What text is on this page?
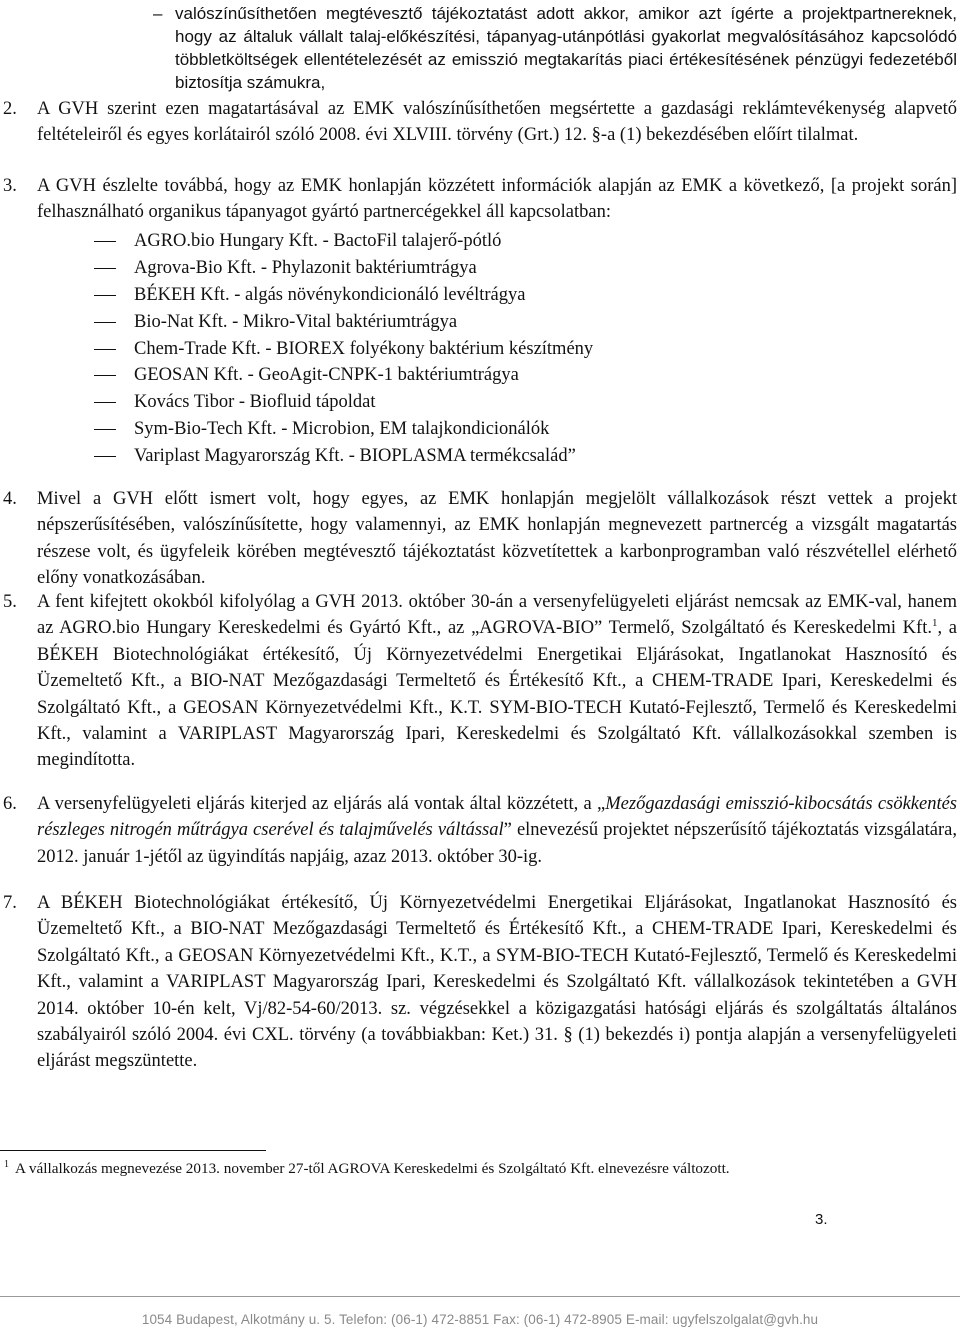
– valószínűsíthetően megtévesztő tájékoztatást adott akkor, amikor azt ígérte a projektpartnereknek, hogy az általuk vállalt talaj-előkészítési, tápanyag-utánpótlási gyakorlat megvalósításához kapcsolódó többletköltségek ellentételezését az emisszió megtakarítás piaci értékesítésének pénzügyi fedezetéből biztosítja számukra,
2. A GVH szerint ezen magatartásával az EMK valószínűsíthetően megsértette a gazdasági reklámtevékenység alapvető feltételeiről és egyes korlátairól szóló 2008. évi XLVIII. törvény (Grt.) 12. §-a (1) bekezdésében előírt tilalmat.

3. A GVH észlelte továbbá, hogy az EMK honlapján közzétett információk alapján az EMK a következő, [a projekt során] felhasználható organikus tápanyagot gyártó partnercégekkel áll kapcsolatban:

AGRO.bio Hungary Kft. - BactoFil talajerő-pótló
Agrova-Bio Kft. - Phylazonit baktériumtrágya
BÉKEH Kft. - algás növénykondicionáló levéltrágya
Bio-Nat Kft. - Mikro-Vital baktériumtrágya
Chem-Trade Kft. - BIOREX folyékony baktérium készítmény
GEOSAN Kft. - GeoAgit-CNPK-1 baktériumtrágya
Kovács Tibor - Biofluid tápoldat
Sym-Bio-Tech Kft. - Microbion, EM talajkondicionálók
Variplast Magyarország Kft. - BIOPLASMA termékcsalád”
4. Mivel a GVH előtt ismert volt, hogy egyes, az EMK honlapján megjelölt vállalkozások részt vettek a projekt népszerűsítésében, valószínűsítette, hogy valamennyi, az EMK honlapján megnevezett partnercég a vizsgált magatartás részese volt, és ügyfeleik körében megtévesztő tájékoztatást közvetítettek a karbonprogramban való részvétellel elérhető előny vonatkozásában.

5. A fent kifejtett okokból kifolyólag a GVH 2013. október 30-án a versenyfelügyeleti eljárást nemcsak az EMK-val, hanem az AGRO.bio Hungary Kereskedelmi és Gyártó Kft., az „AGROVA-BIO” Termelő, Szolgáltató és Kereskedelmi Kft.$^1$, a BÉKEH Biotechnológiákat értékesítő, Új Környezetvédelmi Energetikai Eljárásokat, Ingatlanokat Hasznosító és Üzemeltető Kft., a BIO-NAT Mezőgazdasági Termeltető és Értékesítő Kft., a CHEM-TRADE Ipari, Kereskedelmi és Szolgáltató Kft., a GEOSAN Környezetvédelmi Kft., K.T. SYM-BIO-TECH Kutató-Fejlesztő, Termelő és Kereskedelmi Kft., valamint a VARIPLAST Magyarország Ipari, Kereskedelmi és Szolgáltató Kft. vállalkozásokkal szemben is megindította.

6. A versenyfelügyeleti eljárás kiterjed az eljárás alá vontak által közzétett, a „Mezőgazdasági emisszió-kibocsátás csökkentés részleges nitrogén műtrágya cserével és talajművelés váltással” elnevezésű projektet népszerűsítő tájékoztatás vizsgálatára, 2012. január 1-jétől az ügyindítás napjáig, azaz 2013. október 30-ig.

7. A BÉKEH Biotechnológiákat értékesítő, Új Környezetvédelmi Energetikai Eljárásokat, Ingatlanokat Hasznosító és Üzemeltető Kft., a BIO-NAT Mezőgazdasági Termeltető és Értékesítő Kft., a CHEM-TRADE Ipari, Kereskedelmi és Szolgáltató Kft., a GEOSAN Környezetvédelmi Kft., K.T., a SYM-BIO-TECH Kutató-Fejlesztő, Termelő és Kereskedelmi Kft., valamint a VARIPLAST Magyarország Ipari, Kereskedelmi és Szolgáltató Kft. vállalkozások tekintetében a GVH 2014. október 10-én kelt, Vj/82-54-60/2013. sz. végzésekkel a közigazgatási hatósági eljárás és szolgáltatás általános szabályairól szóló 2004. évi CXL. törvény (a továbbiakban: Ket.) 31. § (1) bekezdés i) pontja alapján a versenyfelügyeleti eljárást megszüntette.

$^1$ A vállalkozás megnevezése 2013. november 27-től AGROVA Kereskedelmi és Szolgáltató Kft. elnevezésre változott.
3.
1054 Budapest, Alkotmány u. 5. Telefon: (06-1) 472-8851 Fax: (06-1) 472-8905 E-mail: ugyfelszolgalat@gvh.hu
